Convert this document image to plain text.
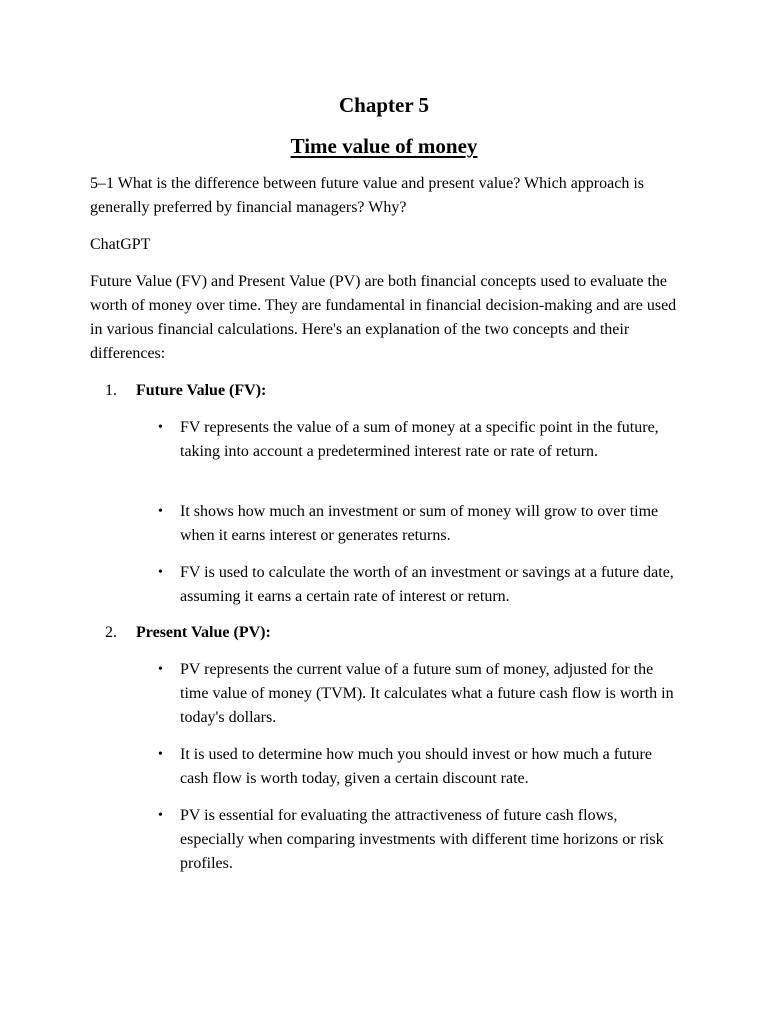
Chapter 5
Time value of money

5–1 What is the difference between future value and present value? Which approach is generally preferred by financial managers? Why?

ChatGPT

Future Value (FV) and Present Value (PV) are both financial concepts used to evaluate the worth of money over time. They are fundamental in financial decision-making and are used in various financial calculations. Here's an explanation of the two concepts and their differences:

1. Future Value (FV):
• FV represents the value of a sum of money at a specific point in the future, taking into account a predetermined interest rate or rate of return.
• It shows how much an investment or sum of money will grow to over time when it earns interest or generates returns.
• FV is used to calculate the worth of an investment or savings at a future date, assuming it earns a certain rate of interest or return.
2. Present Value (PV):
• PV represents the current value of a future sum of money, adjusted for the time value of money (TVM). It calculates what a future cash flow is worth in today's dollars.
• It is used to determine how much you should invest or how much a future cash flow is worth today, given a certain discount rate.
• PV is essential for evaluating the attractiveness of future cash flows, especially when comparing investments with different time horizons or risk profiles.
